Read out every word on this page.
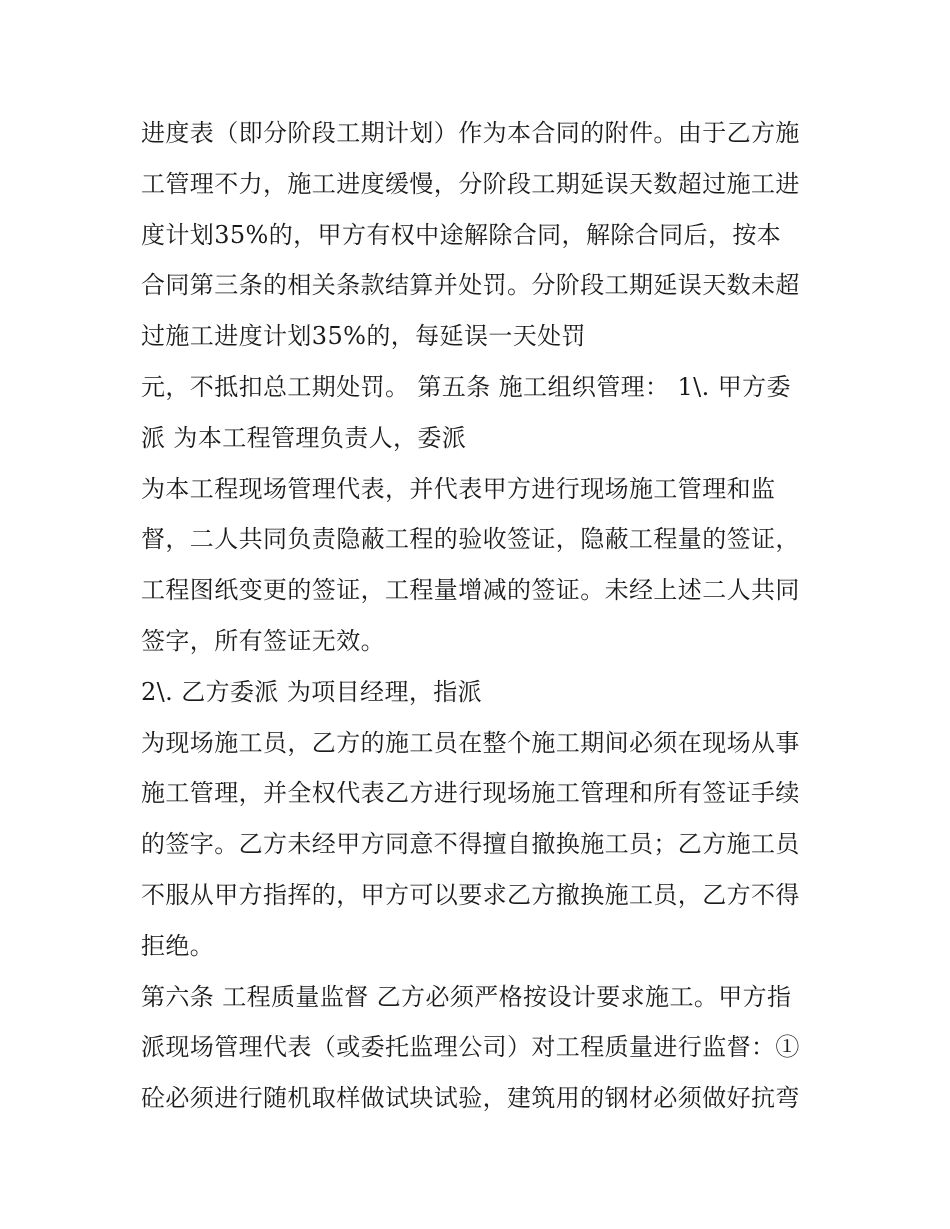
进度表（即分阶段工期计划）作为本合同的附件。由于乙方施
工管理不力，施工进度缓慢，分阶段工期延误天数超过施工进
度计划35%的，甲方有权中途解除合同，解除合同后，按本
合同第三条的相关条款结算并处罚。分阶段工期延误天数未超
过施工进度计划35%的，每延误一天处罚
元，不抵扣总工期处罚。 第五条 施工组织管理： 1\. 甲方委
派 为本工程管理负责人，委派
为本工程现场管理代表，并代表甲方进行现场施工管理和监
督，二人共同负责隐蔽工程的验收签证，隐蔽工程量的签证，
工程图纸变更的签证，工程量增减的签证。未经上述二人共同
签字，所有签证无效。
2\. 乙方委派 为项目经理，指派
为现场施工员，乙方的施工员在整个施工期间必须在现场从事
施工管理，并全权代表乙方进行现场施工管理和所有签证手续
的签字。乙方未经甲方同意不得擅自撤换施工员；乙方施工员
不服从甲方指挥的，甲方可以要求乙方撤换施工员，乙方不得
拒绝。
第六条 工程质量监督 乙方必须严格按设计要求施工。甲方指
派现场管理代表（或委托监理公司）对工程质量进行监督：①
砼必须进行随机取样做试块试验，建筑用的钢材必须做好抗弯
